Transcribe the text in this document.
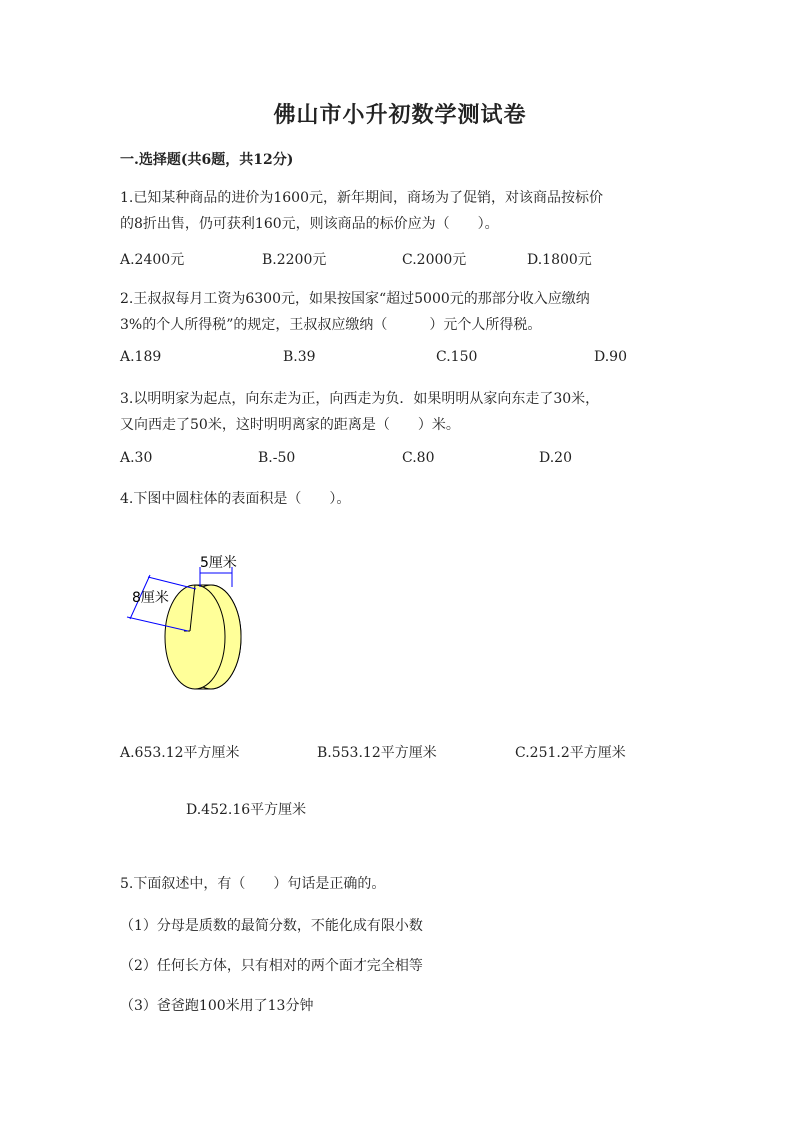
佛山市小升初数学测试卷
一.选择题(共6题，共12分)
1.已知某种商品的进价为1600元，新年期间，商场为了促销，对该商品按标价
的8折出售，仍可获利160元，则该商品的标价应为（　　）。
A.2400元	B.2200元	C.2000元	D.1800元
2.王叔叔每月工资为6300元，如果按国家“超过5000元的那部分收入应缴纳
3%的个人所得税”的规定，王叔叔应缴纳（　　　）元个人所得税。
A.189	B.39	C.150	D.90
3.以明明家为起点，向东走为正，向西走为负．如果明明从家向东走了30米，
又向西走了50米，这时明明离家的距离是（　　）米。
A.30	B.-50	C.80	D.20
4.下图中圆柱体的表面积是（　　）。
5厘米
8厘米
A.653.12平方厘米	B.553.12平方厘米	C.251.2平方厘米
D.452.16平方厘米
5.下面叙述中，有（　　）句话是正确的。
（1）分母是质数的最简分数，不能化成有限小数
（2）任何长方体，只有相对的两个面才完全相等
（3）爸爸跑100米用了13分钟
